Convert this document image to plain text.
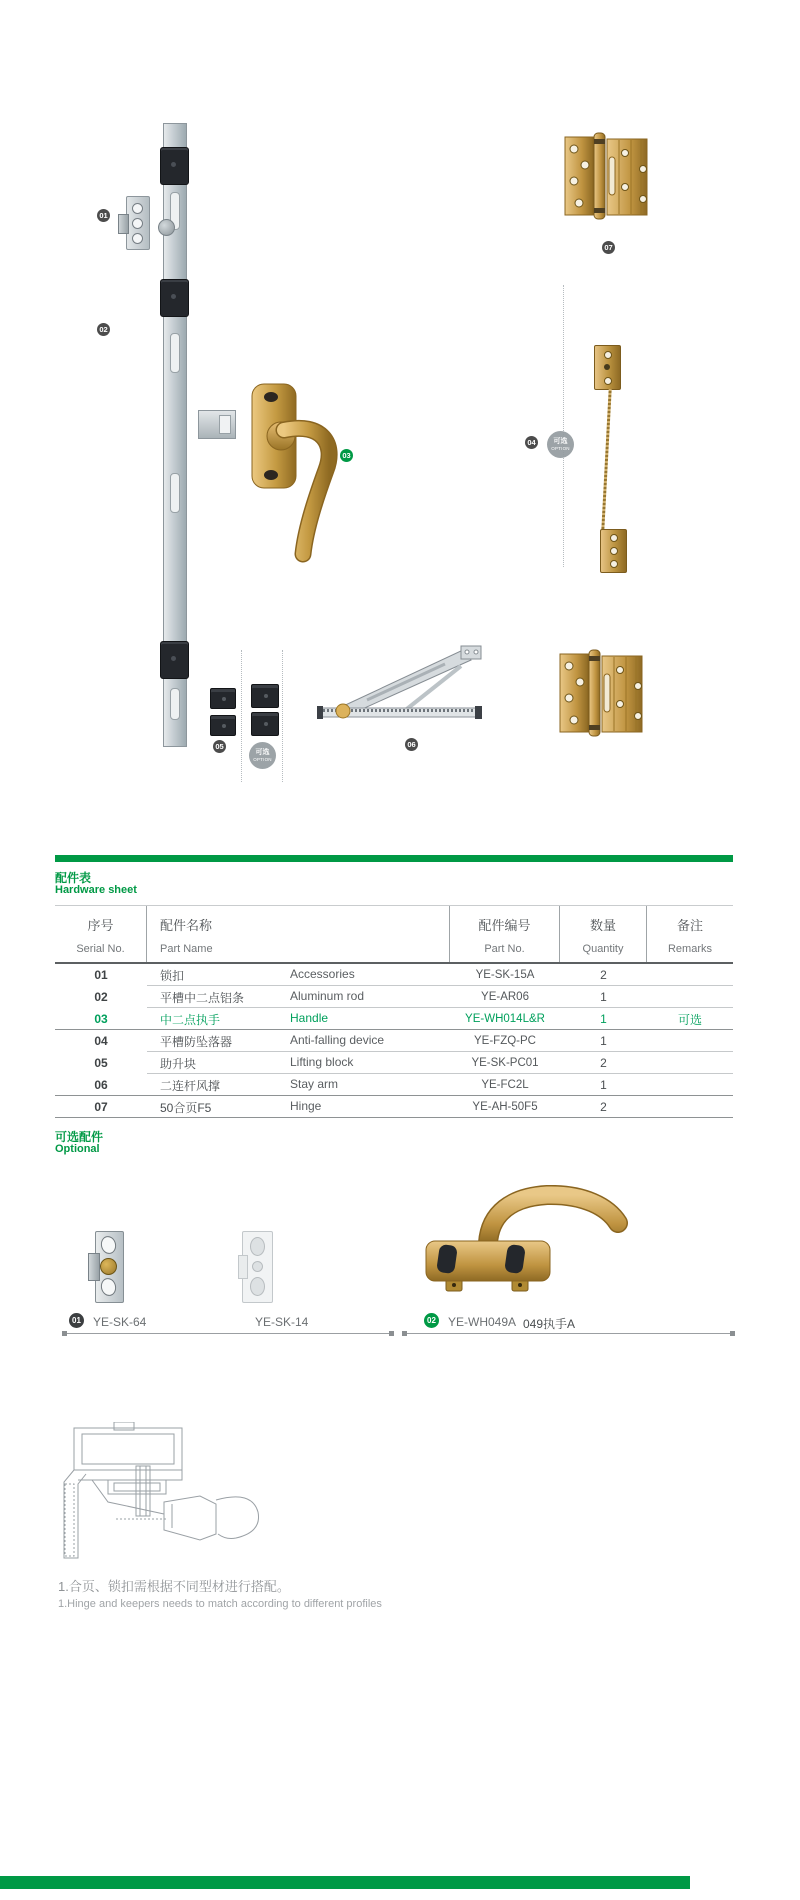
01
02
03
04
05	06
07
可选
OPTION
可选
OPTION
配件表
Hardware sheet
序号
Serial No.
配件名称
Part Name
配件编号
Part No.
数量
Quantity
备注
Remarks
01	锁扣	Accessories	YE-SK-15A	2
02	平槽中二点铝条	Aluminum rod	YE-AR06	1
03	中二点执手	Handle	YE-WH014L&R	1	可选
04	平槽防坠落器	Anti-falling device	YE-FZQ-PC	1
05	助升块	Lifting block	YE-SK-PC01	2
06	二连杆风撑	Stay arm	YE-FC2L	1
07	50合页F5	Hinge	YE-AH-50F5	2
可选配件
Optional
01 YE-SK-64	YE-SK-14	02 YE-WH049A 049执手A
1.合页、锁扣需根据不同型材进行搭配。
1.Hinge and keepers needs to match according to different profiles
